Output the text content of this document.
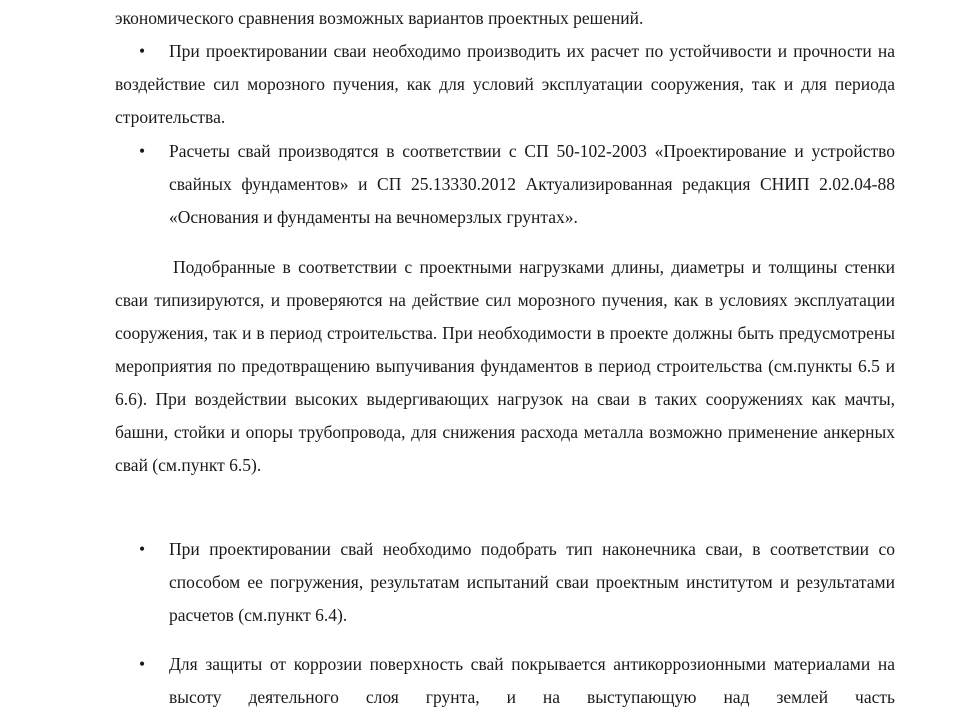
экономического сравнения возможных вариантов проектных решений.

•	При проектировании сваи необходимо производить их расчет по устойчивости и прочности на воздействие сил морозного пучения, как для условий эксплуатации сооружения, так и для периода строительства.
• Расчеты свай производятся в соответствии с СП 50-102-2003 «Проектирование и устройство свайных фундаментов» и СП 25.13330.2012 Актуализированная редакция СНИП 2.02.04-88 «Основания и фундаменты на вечномерзлых грунтах».

Подобранные в соответствии с проектными нагрузками длины, диаметры и толщины стенки сваи типизируются, и проверяются на действие сил морозного пучения, как в условиях эксплуатации сооружения, так и в период строительства. При необходимости в проекте должны быть предусмотрены мероприятия по предотвращению выпучивания фундаментов в период строительства (см.пункты 6.5 и 6.6). При воздействии высоких выдергивающих нагрузок на сваи в таких сооружениях как мачты, башни, стойки и опоры трубопровода, для снижения расхода металла возможно применение анкерных свай (см.пункт 6.5).

• При проектировании свай необходимо подобрать тип наконечника сваи, в соответствии со способом ее погружения, результатам испытаний сваи проектным институтом и результатами расчетов (см.пункт 6.4).
• Для защиты от коррозии поверхность свай покрывается антикоррозионными материалами на высоту деятельного слоя грунта, и на выступающую над землей часть
